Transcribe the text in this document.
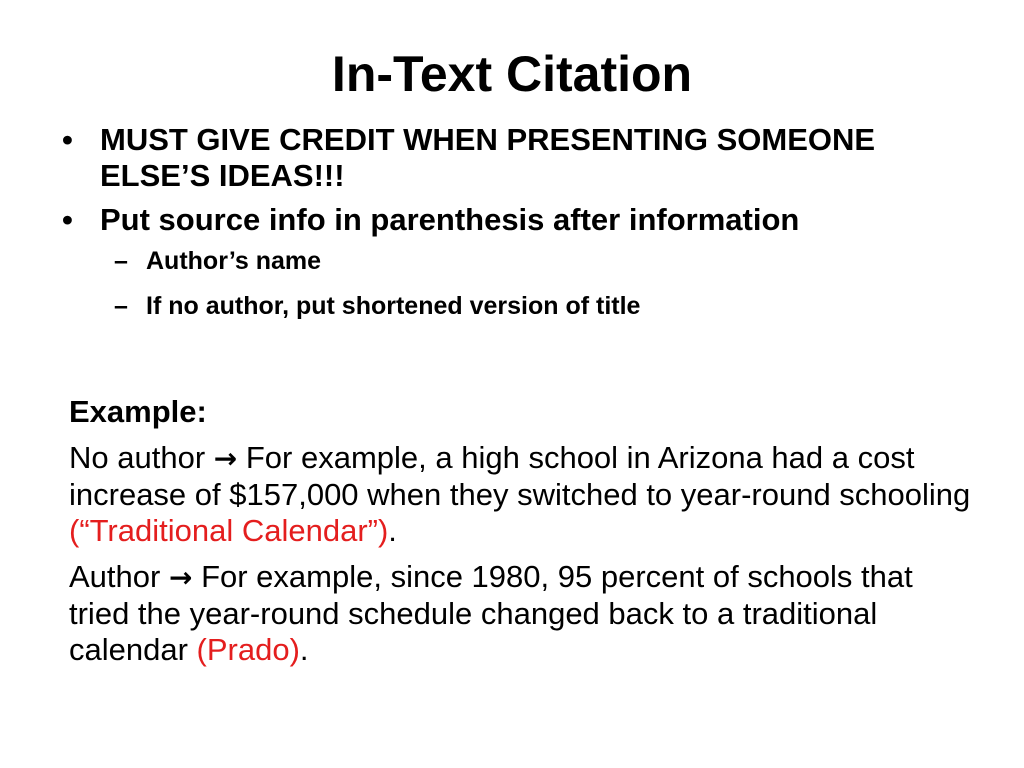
In-Text Citation
• MUST GIVE CREDIT WHEN PRESENTING SOMEONE ELSE’S IDEAS!!!
• Put source info in parenthesis after information
– Author’s name
– If no author, put shortened version of title
Example:
No author → For example, a high school in Arizona had a cost increase of $157,000 when they switched to year-round schooling (“Traditional Calendar”).
Author → For example, since 1980, 95 percent of schools that tried the year-round schedule changed back to a traditional calendar (Prado).
